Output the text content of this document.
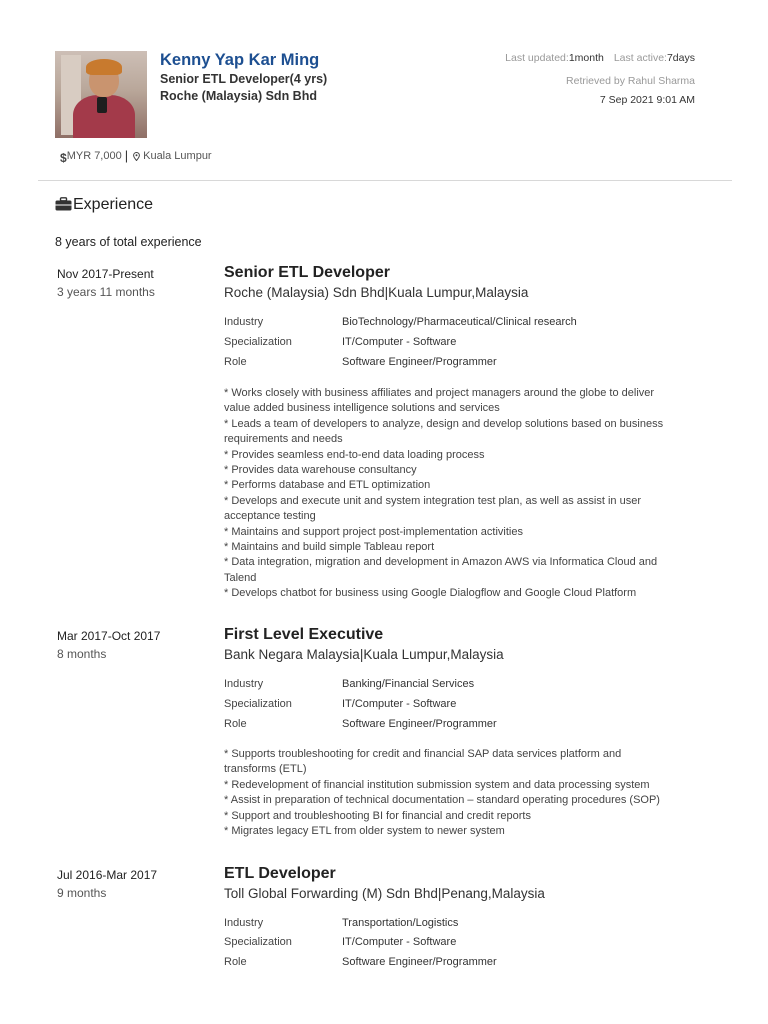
Kenny Yap Kar Ming
Senior ETL Developer(4 yrs)
Roche (Malaysia) Sdn Bhd
Last updated:1month Last active:7days
Retrieved by Rahul Sharma
7 Sep 2021 9:01 AM
$ MYR 7,000 | Kuala Lumpur
Experience
8 years of total experience
Nov 2017-Present
3 years 11 months
Senior ETL Developer
Roche (Malaysia) Sdn Bhd|Kuala Lumpur,Malaysia
Industry	BioTechnology/Pharmaceutical/Clinical research
Specialization	IT/Computer - Software
Role	Software Engineer/Programmer
* Works closely with business affiliates and project managers around the globe to deliver
value added business intelligence solutions and services
* Leads a team of developers to analyze, design and develop solutions based on business
requirements and needs
* Provides seamless end-to-end data loading process
* Provides data warehouse consultancy
* Performs database and ETL optimization
* Develops and execute unit and system integration test plan, as well as assist in user
acceptance testing
* Maintains and support project post-implementation activities
* Maintains and build simple Tableau report
* Data integration, migration and development in Amazon AWS via Informatica Cloud and
Talend
* Develops chatbot for business using Google Dialogflow and Google Cloud Platform
Mar 2017-Oct 2017
8 months
First Level Executive
Bank Negara Malaysia|Kuala Lumpur,Malaysia
Industry	Banking/Financial Services
Specialization	IT/Computer - Software
Role	Software Engineer/Programmer
* Supports troubleshooting for credit and financial SAP data services platform and
transforms (ETL)
* Redevelopment of financial institution submission system and data processing system
* Assist in preparation of technical documentation – standard operating procedures (SOP)
* Support and troubleshooting BI for financial and credit reports
* Migrates legacy ETL from older system to newer system
Jul 2016-Mar 2017
9 months
ETL Developer
Toll Global Forwarding (M) Sdn Bhd|Penang,Malaysia
Industry	Transportation/Logistics
Specialization	IT/Computer - Software
Role	Software Engineer/Programmer
